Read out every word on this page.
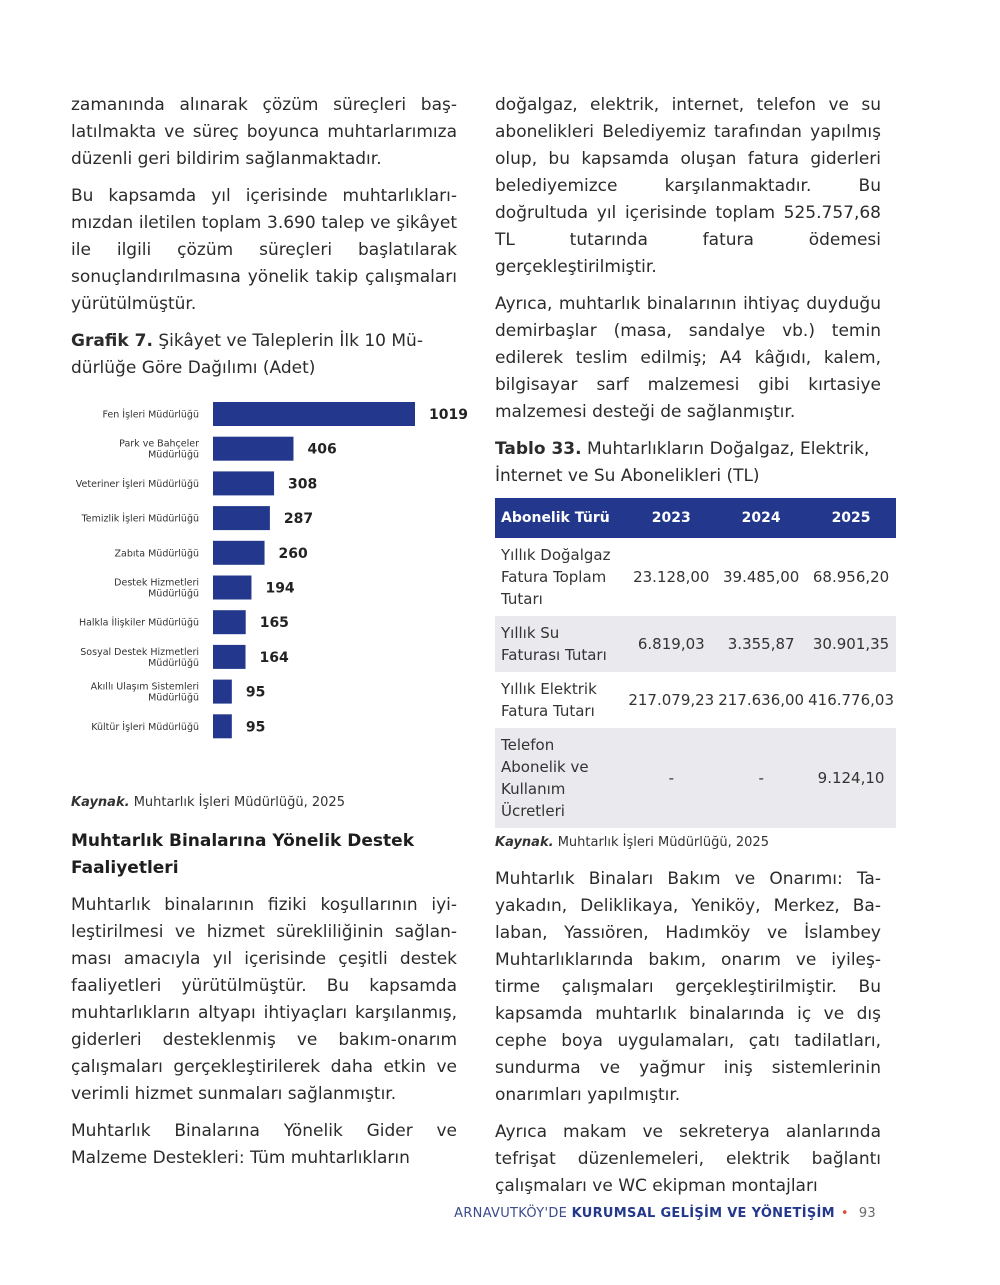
zamanında alınarak çözüm süreçleri başlatılmakta ve süreç boyunca muhtarlarımıza düzenli geri bildirim sağlanmaktadır.

Bu kapsamda yıl içerisinde muhtarlıklarımızdan iletilen toplam 3.690 talep ve şikâyet ile ilgili çözüm süreçleri başlatılarak sonuçlandırılmasına yönelik takip çalışmaları yürütülmüştür.

Grafik 7. Şikâyet ve Taleplerin İlk 10 Müdürlüğe Göre Dağılımı (Adet)
1019
Fen İşleri Müdürlüğü
406
Park ve Bahçeler Müdürlüğü
308
Veteriner İşleri Müdürlüğü
287
Temizlik İşleri Müdürlüğü
260
Zabıta Müdürlüğü
194
Destek Hizmetleri Müdürlüğü
165
Halkla İlişkiler Müdürlüğü
164
Sosyal Destek Hizmetleri Müdürlüğü
95
Akıllı Ulaşım Sistemleri Müdürlüğü
95
Kültür İşleri Müdürlüğü
Kaynak. Muhtarlık İşleri Müdürlüğü, 2025
Muhtarlık Binalarına Yönelik Destek Faaliyetleri

Muhtarlık binalarının fiziki koşullarının iyileştirilmesi ve hizmet sürekliliğinin sağlanması amacıyla yıl içerisinde çeşitli destek faaliyetleri yürütülmüştür. Bu kapsamda muhtarlıkların altyapı ihtiyaçları karşılanmış, giderleri desteklenmiş ve bakım-onarım çalışmaları gerçekleştirilerek daha etkin ve verimli hizmet sunmaları sağlanmıştır.

Muhtarlık Binalarına Yönelik Gider ve Malzeme Destekleri: Tüm muhtarlıkların

doğalgaz, elektrik, internet, telefon ve su abonelikleri Belediyemiz tarafından yapılmış olup, bu kapsamda oluşan fatura giderleri belediyemizce karşılanmaktadır. Bu doğrultuda yıl içerisinde toplam 525.757,68 TL tutarında fatura ödemesi gerçekleştirilmiştir.

Ayrıca, muhtarlık binalarının ihtiyaç duyduğu demirbaşlar (masa, sandalye vb.) temin edilerek teslim edilmiş; A4 kâğıdı, kalem, bilgisayar sarf malzemesi gibi kırtasiye malzemesi desteği de sağlanmıştır.

Tablo 33. Muhtarlıkların Doğalgaz, Elektrik, İnternet ve Su Abonelikleri (TL)
Abonelik Türü	2023	2024	2025
Yıllık Doğalgaz Fatura Toplam Tutarı	23.128,00	39.485,00	68.956,20
Yıllık Su Faturası Tutarı	6.819,03	3.355,87	30.901,35
Yıllık Elektrik Fatura Tutarı	217.079,23	217.636,00	416.776,03
Telefon Abonelik ve Kullanım Ücretleri	-	-	9.124,10
Kaynak. Muhtarlık İşleri Müdürlüğü, 2025

Muhtarlık Binaları Bakım ve Onarımı: Tayakadın, Deliklikaya, Yeniköy, Merkez, Balaban, Yassıören, Hadımköy ve İslambey Muhtarlıklarında bakım, onarım ve iyileştirme çalışmaları gerçekleştirilmiştir. Bu kapsamda muhtarlık binalarında iç ve dış cephe boya uygulamaları, çatı tadilatları, sundurma ve yağmur iniş sistemlerinin onarımları yapılmıştır.

Ayrıca makam ve sekreterya alanlarında tefrişat düzenlemeleri, elektrik bağlantı çalışmaları ve WC ekipman montajları

ARNAVUTKÖY'DE KURUMSAL GELİŞİM VE YÖNETİŞİM • 93
